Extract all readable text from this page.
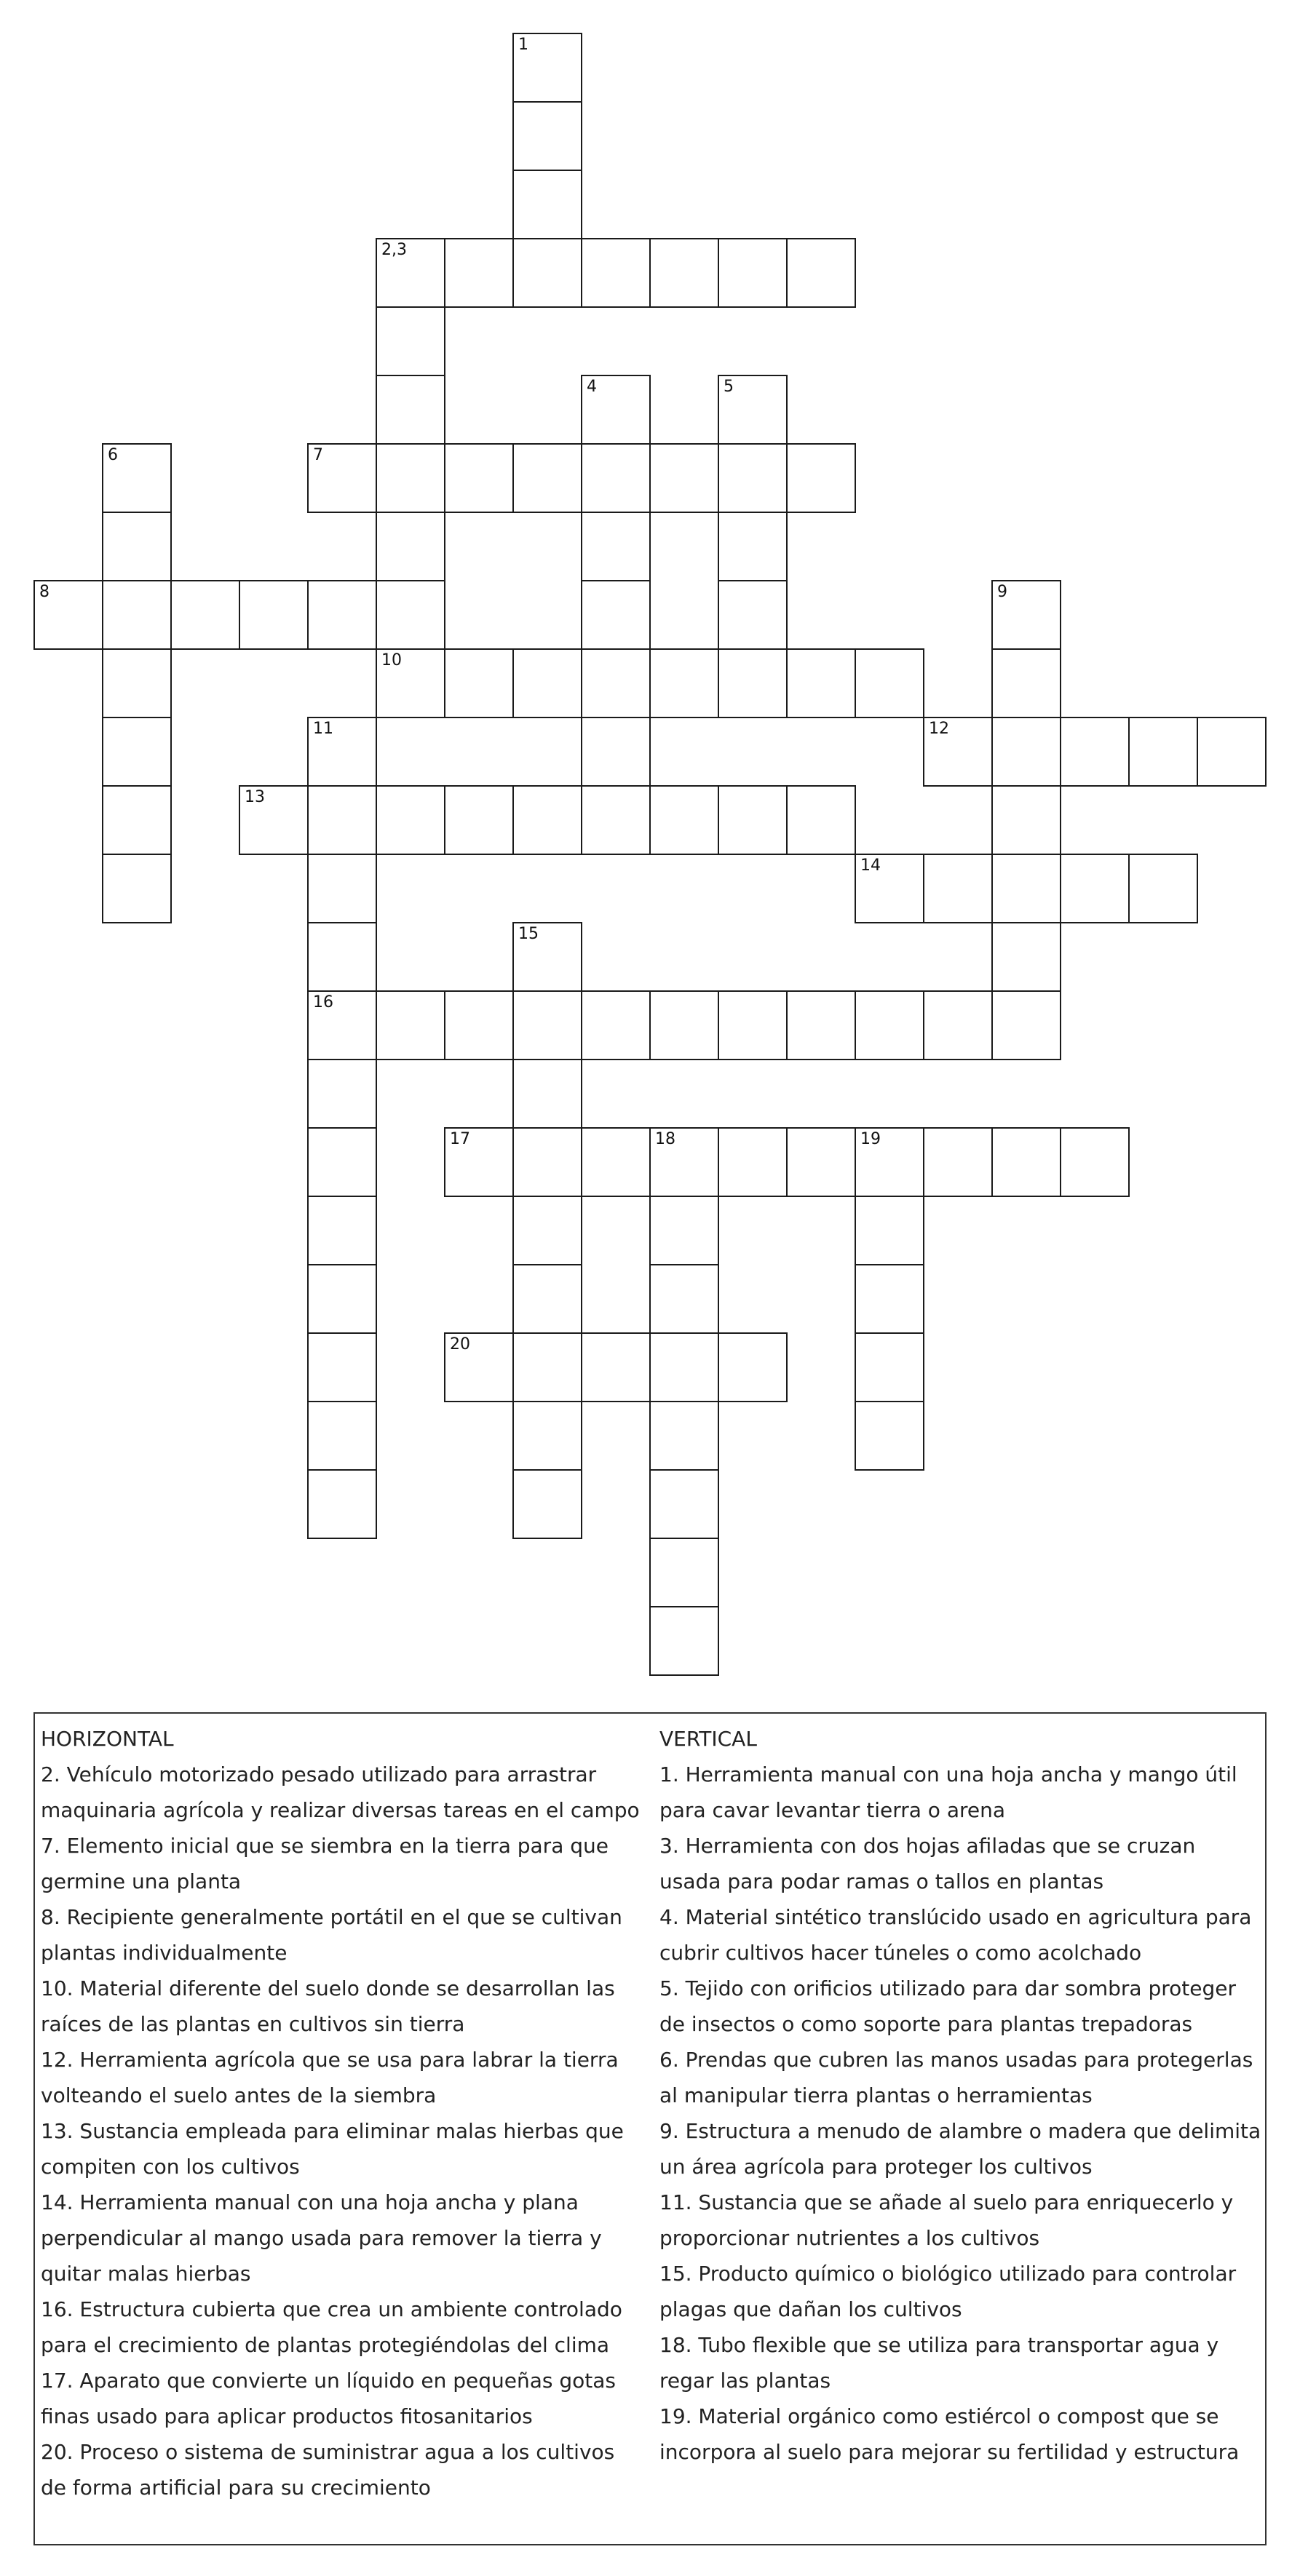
2,3
7
8
10
12
13
14
16
17	18	19
20
1
4	5
6
9
11
15
HORIZONTAL
2. Vehículo motorizado pesado utilizado para arrastrar maquinaria agrícola y realizar diversas tareas en el campo
7. Elemento inicial que se siembra en la tierra para que germine una planta
8. Recipiente generalmente portátil en el que se cultivan plantas individualmente
10. Material diferente del suelo donde se desarrollan las raíces de las plantas en cultivos sin tierra
12. Herramienta agrícola que se usa para labrar la tierra volteando el suelo antes de la siembra
13. Sustancia empleada para eliminar malas hierbas que compiten con los cultivos
14. Herramienta manual con una hoja ancha y plana perpendicular al mango usada para remover la tierra y quitar malas hierbas
16. Estructura cubierta que crea un ambiente controlado para el crecimiento de plantas protegiéndolas del clima
17. Aparato que convierte un líquido en pequeñas gotas finas usado para aplicar productos fitosanitarios
20. Proceso o sistema de suministrar agua a los cultivos de forma artificial para su crecimiento
VERTICAL
1. Herramienta manual con una hoja ancha y mango útil para cavar levantar tierra o arena
3. Herramienta con dos hojas afiladas que se cruzan usada para podar ramas o tallos en plantas
4. Material sintético translúcido usado en agricultura para cubrir cultivos hacer túneles o como acolchado
5. Tejido con orificios utilizado para dar sombra proteger de insectos o como soporte para plantas trepadoras
6. Prendas que cubren las manos usadas para protegerlas al manipular tierra plantas o herramientas
9. Estructura a menudo de alambre o madera que delimita un área agrícola para proteger los cultivos
11. Sustancia que se añade al suelo para enriquecerlo y proporcionar nutrientes a los cultivos
15. Producto químico o biológico utilizado para controlar plagas que dañan los cultivos
18. Tubo flexible que se utiliza para transportar agua y regar las plantas
19. Material orgánico como estiércol o compost que se incorpora al suelo para mejorar su fertilidad y estructura
